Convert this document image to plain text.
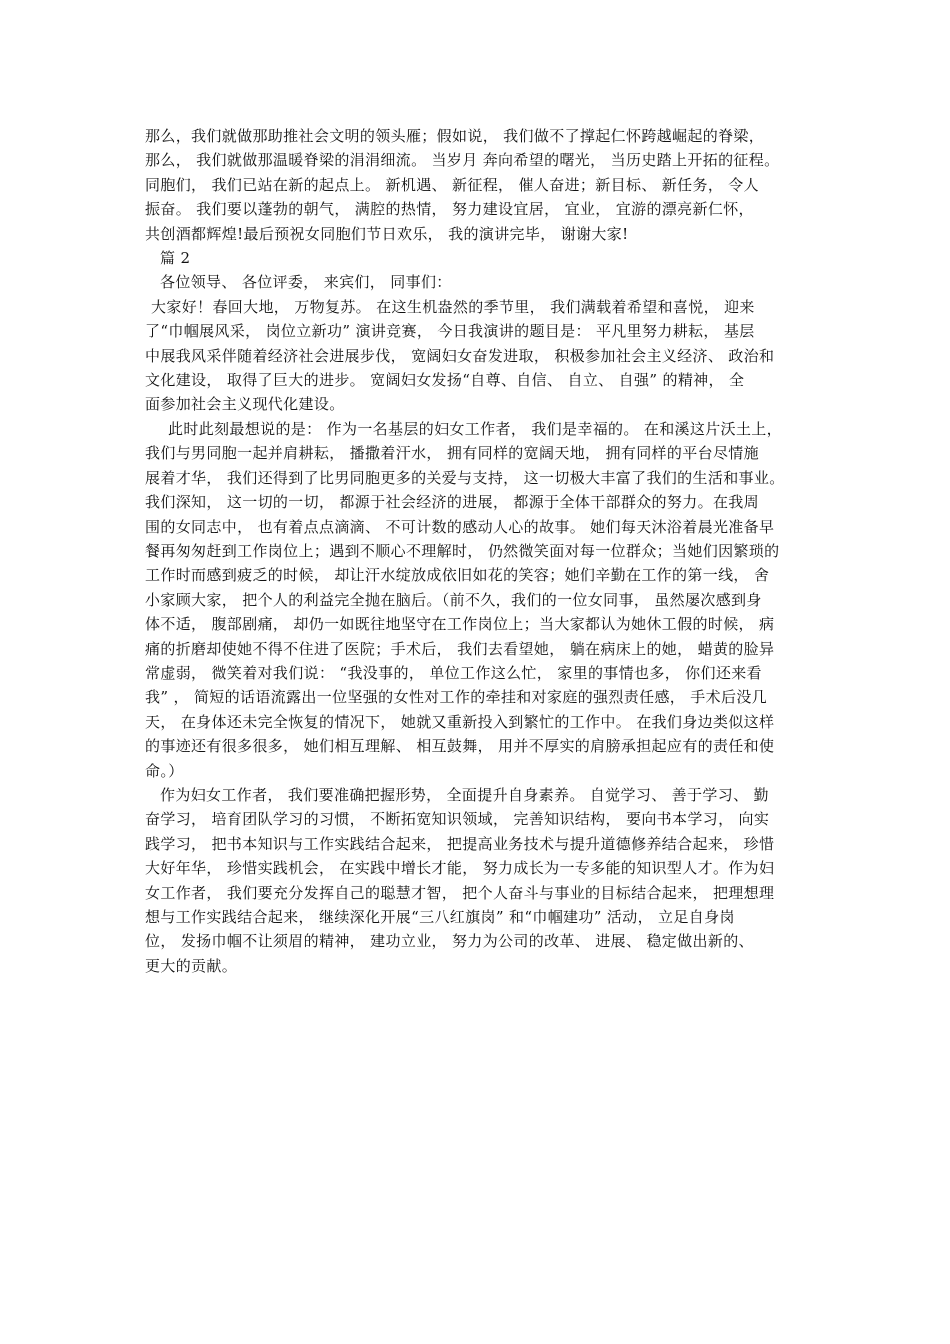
那么，我们就做那助推社会文明的领头雁；假如说， 我们做不了撑起仁怀跨越崛起的脊梁，
那么， 我们就做那温暖脊梁的涓涓细流。 当岁月 奔向希望的曙光， 当历史踏上开拓的征程。
同胞们， 我们已站在新的起点上。 新机遇、 新征程， 催人奋进；新目标、 新任务， 令人
振奋。 我们要以蓬勃的朝气， 满腔的热情， 努力建设宜居， 宜业， 宜游的漂亮新仁怀，
共创酒都辉煌!最后预祝女同胞们节日欢乐， 我的演讲完毕， 谢谢大家!
篇 2
各位领导、 各位评委， 来宾们， 同事们：
大家好！春回大地， 万物复苏。 在这生机盎然的季节里， 我们满载着希望和喜悦， 迎来
了“巾帼展风采， 岗位立新功” 演讲竞赛， 今日我演讲的题目是： 平凡里努力耕耘， 基层
中展我风采伴随着经济社会进展步伐， 宽阔妇女奋发进取， 积极参加社会主义经济、 政治和
文化建设， 取得了巨大的进步。 宽阔妇女发扬“自尊、自信、 自立、 自强” 的精神， 全
面参加社会主义现代化建设。
此时此刻最想说的是： 作为一名基层的妇女工作者， 我们是幸福的。 在和溪这片沃土上，
我们与男同胞一起并肩耕耘， 播撒着汗水， 拥有同样的宽阔天地， 拥有同样的平台尽情施
展着才华， 我们还得到了比男同胞更多的关爱与支持， 这一切极大丰富了我们的生活和事业。
我们深知， 这一切的一切， 都源于社会经济的进展， 都源于全体干部群众的努力。在我周
围的女同志中， 也有着点点滴滴、 不可计数的感动人心的故事。 她们每天沐浴着晨光准备早
餐再匆匆赶到工作岗位上；遇到不顺心不理解时， 仍然微笑面对每一位群众；当她们因繁琐的
工作时而感到疲乏的时候， 却让汗水绽放成依旧如花的笑容；她们辛勤在工作的第一线， 舍
小家顾大家， 把个人的利益完全抛在脑后。（前不久，我们的一位女同事， 虽然屡次感到身
体不适， 腹部剧痛， 却仍一如既往地坚守在工作岗位上；当大家都认为她休工假的时候， 病
痛的折磨却使她不得不住进了医院；手术后， 我们去看望她， 躺在病床上的她， 蜡黄的脸异
常虚弱， 微笑着对我们说： “我没事的， 单位工作这么忙， 家里的事情也多， 你们还来看
我” ， 简短的话语流露出一位坚强的女性对工作的牵挂和对家庭的强烈责任感， 手术后没几
天， 在身体还未完全恢复的情况下， 她就又重新投入到繁忙的工作中。 在我们身边类似这样
的事迹还有很多很多， 她们相互理解、 相互鼓舞， 用并不厚实的肩膀承担起应有的责任和使
命。）
作为妇女工作者， 我们要准确把握形势， 全面提升自身素养。 自觉学习、 善于学习、 勤
奋学习， 培育团队学习的习惯， 不断拓宽知识领域， 完善知识结构， 要向书本学习， 向实
践学习， 把书本知识与工作实践结合起来， 把提高业务技术与提升道德修养结合起来， 珍惜
大好年华， 珍惜实践机会， 在实践中增长才能， 努力成长为一专多能的知识型人才。作为妇
女工作者， 我们要充分发挥自己的聪慧才智， 把个人奋斗与事业的目标结合起来， 把理想理
想与工作实践结合起来， 继续深化开展“三八红旗岗” 和“巾帼建功” 活动， 立足自身岗
位， 发扬巾帼不让须眉的精神， 建功立业， 努力为公司的改革、 进展、 稳定做出新的、
更大的贡献。
